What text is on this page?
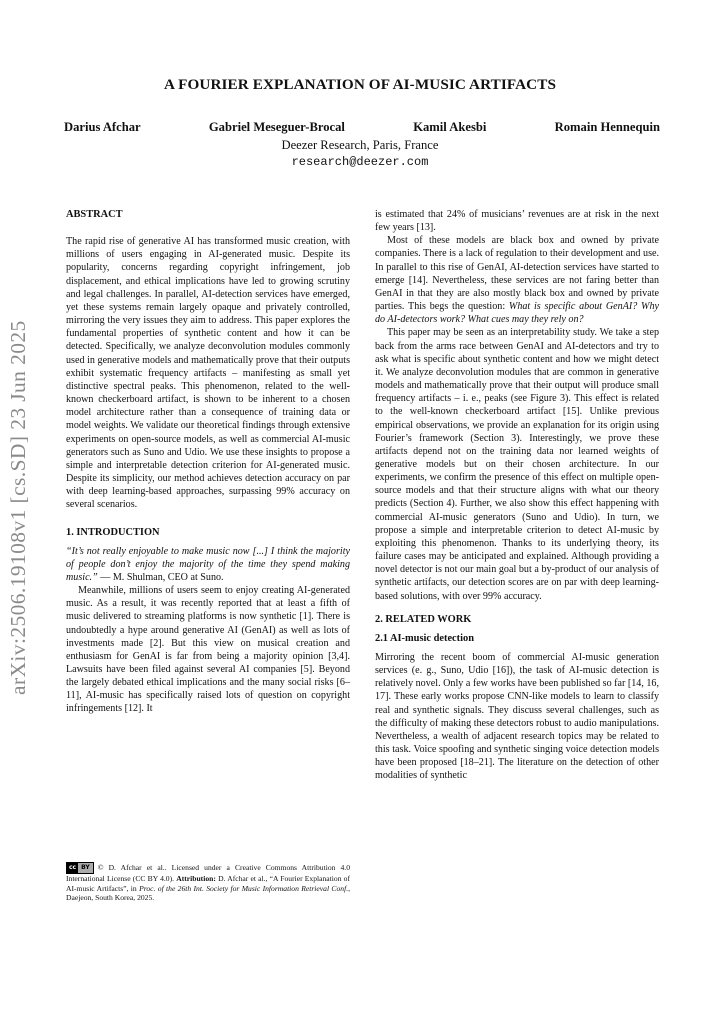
arXiv:2506.19108v1 [cs.SD] 23 Jun 2025
A FOURIER EXPLANATION OF AI-MUSIC ARTIFACTS
Darius Afchar	Gabriel Meseguer-Brocal	Kamil Akesbi	Romain Hennequin
Deezer Research, Paris, France
research@deezer.com

ABSTRACT

The rapid rise of generative AI has transformed music creation, with millions of users engaging in AI-generated music. Despite its popularity, concerns regarding copyright infringement, job displacement, and ethical implications have led to growing scrutiny and legal challenges. In parallel, AI-detection services have emerged, yet these systems remain largely opaque and privately controlled, mirroring the very issues they aim to address. This paper explores the fundamental properties of synthetic content and how it can be detected. Specifically, we analyze deconvolution modules commonly used in generative models and mathematically prove that their outputs exhibit systematic frequency artifacts – manifesting as small yet distinctive spectral peaks. This phenomenon, related to the well-known checkerboard artifact, is shown to be inherent to a chosen model architecture rather than a consequence of training data or model weights. We validate our theoretical findings through extensive experiments on open-source models, as well as commercial AI-music generators such as Suno and Udio. We use these insights to propose a simple and interpretable detection criterion for AI-generated music. Despite its simplicity, our method achieves detection accuracy on par with deep learning-based approaches, surpassing 99% accuracy on several scenarios.

1. INTRODUCTION

“It’s not really enjoyable to make music now [...] I think the majority of people don’t enjoy the majority of the time they spend making music.” — M. Shulman, CEO at Suno.

Meanwhile, millions of users seem to enjoy creating AI-generated music. As a result, it was recently reported that at least a fifth of music delivered to streaming platforms is now synthetic [1]. There is undoubtedly a hype around generative AI (GenAI) as well as lots of investments made [2]. But this view on musical creation and enthusiasm for GenAI is far from being a majority opinion [3,4]. Lawsuits have been filed against several AI companies [5]. Beyond the largely debated ethical implications and the many social risks [6–11], AI-music has specifically raised lots of question on copyright infringements [12]. It

cc BY	© D. Afchar et al.. Licensed under a Creative Commons Attribution 4.0 International License (CC BY 4.0). Attribution: D. Afchar et al., “A Fourier Explanation of AI-music Artifacts”, in Proc. of the 26th Int. Society for Music Information Retrieval Conf., Daejeon, South Korea, 2025.

is estimated that 24% of musicians’ revenues are at risk in the next few years [13].

Most of these models are black box and owned by private companies. There is a lack of regulation to their development and use. In parallel to this rise of GenAI, AI-detection services have started to emerge [14]. Nevertheless, these services are not faring better than GenAI in that they are also mostly black box and owned by private parties. This begs the question: What is specific about GenAI? Why do AI-detectors work? What cues may they rely on?

This paper may be seen as an interpretability study. We take a step back from the arms race between GenAI and AI-detectors and try to ask what is specific about synthetic content and how we might detect it. We analyze deconvolution modules that are common in generative models and mathematically prove that their output will produce small frequency artifacts – i. e., peaks (see Figure 3). This effect is related to the well-known checkerboard artifact [15]. Unlike previous empirical observations, we provide an explanation for its origin using Fourier’s framework (Section 3). Interestingly, we prove these artifacts depend not on the training data nor learned weights of generative models but on their chosen architecture. In our experiments, we confirm the presence of this effect on multiple open-source models and that their structure aligns with what our theory predicts (Section 4). Further, we also show this effect happening with commercial AI-music generators (Suno and Udio). In turn, we propose a simple and interpretable criterion to detect AI-music by exploiting this phenomenon. Thanks to its underlying theory, its failure cases may be anticipated and explained. Although providing a novel detector is not our main goal but a by-product of our analysis of synthetic artifacts, our detection scores are on par with deep learning-based solutions, with over 99% accuracy.

2. RELATED WORK

2.1 AI-music detection

Mirroring the recent boom of commercial AI-music generation services (e. g., Suno, Udio [16]), the task of AI-music detection is relatively novel. Only a few works have been published so far [14, 16, 17]. These early works propose CNN-like models to learn to classify real and synthetic signals. They discuss several challenges, such as the difficulty of making these detectors robust to audio manipulations. Nevertheless, a wealth of adjacent research topics may be related to this task. Voice spoofing and synthetic singing voice detection models have been proposed [18–21]. The literature on the detection of other modalities of synthetic
